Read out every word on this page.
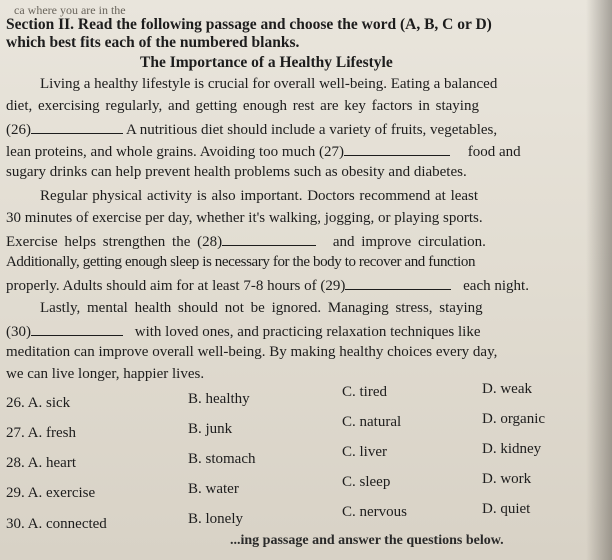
ca where you are in the
Section II. Read the following passage and choose the word (A, B, C or D)
which best fits each of the numbered blanks.
The Importance of a Healthy Lifestyle
Living a healthy lifestyle is crucial for overall well-being. Eating a balanced
diet, exercising regularly, and getting enough rest are key factors in staying
(26)	A nutritious diet should include a variety of fruits, vegetables,
lean proteins, and whole grains. Avoiding too much (27)	food and
sugary drinks can help prevent health problems such as obesity and diabetes.
Regular physical activity is also important. Doctors recommend at least
30 minutes of exercise per day, whether it's walking, jogging, or playing sports.
Exercise helps strengthen the (28)	and improve circulation.
Additionally, getting enough sleep is necessary for the body to recover and function
properly. Adults should aim for at least 7-8 hours of (29)	each night.
Lastly, mental health should not be ignored. Managing stress, staying
(30)	with loved ones, and practicing relaxation techniques like
meditation can improve overall well-being. By making healthy choices every day,
we can live longer, happier lives.
26. A. sick	B. healthy	C. tired	D. weak
27. A. fresh	B. junk	C. natural	D. organic
28. A. heart	B. stomach	C. liver	D. kidney
29. A. exercise	B. water	C. sleep	D. work
30. A. connected	B. lonely	C. nervous	D. quiet
...ing passage and answer the questions below.
